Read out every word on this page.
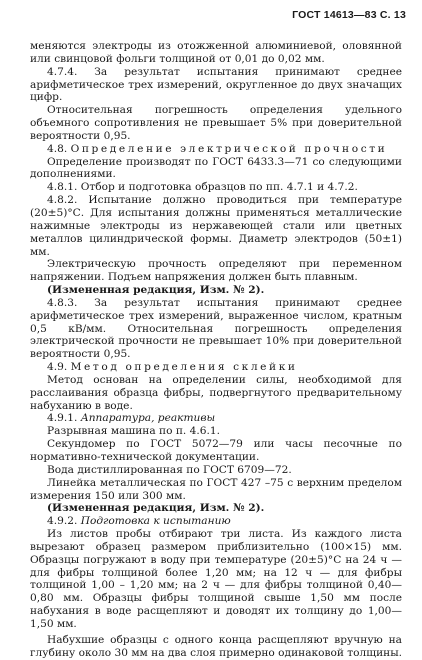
ГОСТ 14613—83 С. 13

меняются электроды из отожженной алюминиевой, оловянной или свинцовой фольги толщиной от 0,01 до 0,02 мм.

4.7.4. За результат испытания принимают среднее арифметическое трех измерений, округленное до двух значащих цифр.

Относительная погрешность определения удельного объемного сопротивления не превышает 5% при доверительной вероятности 0,95.

4.8. Определение электрической прочности

Определение производят по ГОСТ 6433.3—71 со следующими дополнениями.

4.8.1. Отбор и подготовка образцов по пп. 4.7.1 и 4.7.2.

4.8.2. Испытание должно проводиться при температуре (20±5)°С. Для испытания должны применяться металлические нажимные электроды из нержавеющей стали или цветных металлов цилиндрической формы. Диаметр электродов (50±1) мм.

Электрическую прочность определяют при переменном напряжении. Подъем напряжения должен быть плавным.

(Измененная редакция, Изм. № 2).

4.8.3. За результат испытания принимают среднее арифметическое трех измерений, выраженное числом, кратным 0,5 кВ/мм. Относительная погрешность определения электрической прочности не превышает 10% при доверительной вероятности 0,95.

4.9. Метод определения склейки

Метод основан на определении силы, необходимой для расслаивания образца фибры, подвергнутого предварительному набуханию в воде.

4.9.1. Аппаратура, реактивы

Разрывная машина по п. 4.6.1.

Секундомер по ГОСТ 5072—79 или часы песочные по нормативно-технической документации.

Вода дистиллированная по ГОСТ 6709—72.

Линейка металлическая по ГОСТ 427 –75 с верхним пределом измерения 150 или 300 мм.

(Измененная редакция, Изм. № 2).

4.9.2. Подготовка к испытанию

Из листов пробы отбирают три листа. Из каждого листа вырезают образец размером приблизительно (100×15) мм. Образцы погружают в воду при температуре (20±5)°С на 24 ч — для фибры толщиной более 1,20 мм; на 12 ч — для фибры толщиной 1,00 – 1,20 мм; на 2 ч — для фибры толщиной 0,40—0,80 мм. Образцы фибры толщиной свыше 1,50 мм после набухания в воде расщепляют и доводят их толщину до 1,00—1,50 мм.

Набухшие образцы с одного конца расщепляют вручную на глубину около 30 мм на два слоя примерно одинаковой толщины.
